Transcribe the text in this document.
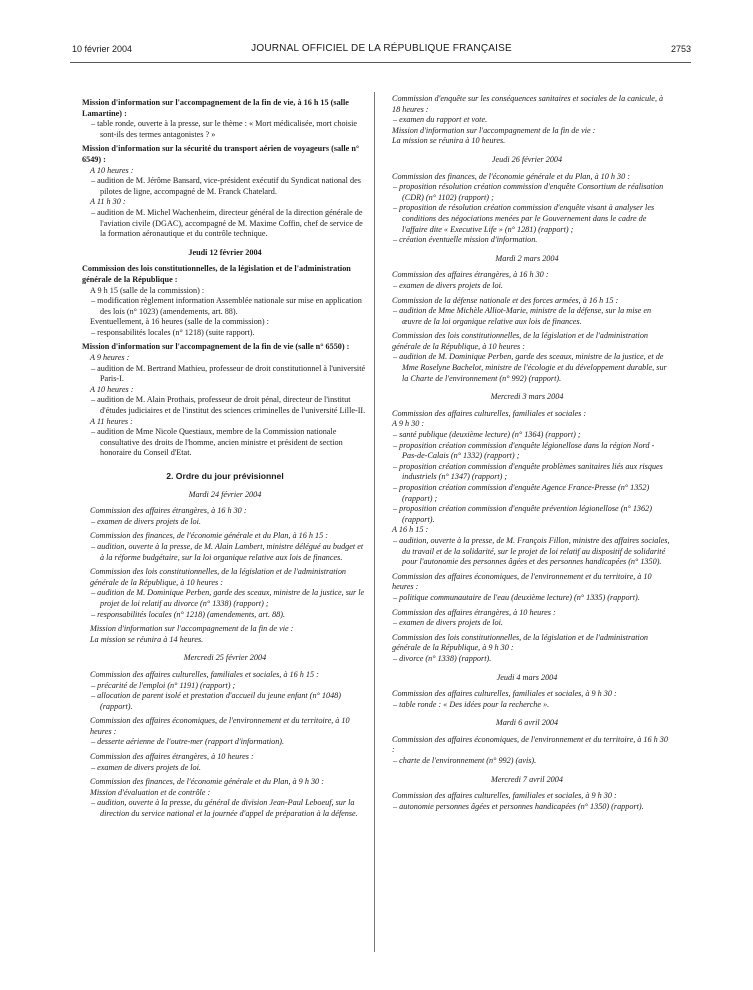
10 février 2004	JOURNAL OFFICIEL DE LA RÉPUBLIQUE FRANÇAISE	2753

Mission d'information sur l'accompagnement de la fin de vie, à 16 h 15 (salle Lamartine) :

– table ronde, ouverte à la presse, sur le thème : « Mort médicalisée, mort choisie sont-ils des termes antagonistes ? »

Mission d'information sur la sécurité du transport aérien de voyageurs (salle n° 6549) :

A 10 heures :

– audition de M. Jérôme Bansard, vice-président exécutif du Syndicat national des pilotes de ligne, accompagné de M. Franck Chatelard.

A 11 h 30 :

– audition de M. Michel Wachenheim, directeur général de la direction générale de l'aviation civile (DGAC), accompagné de M. Maxime Coffin, chef de service de la formation aéronautique et du contrôle technique.

Jeudi 12 février 2004

Commission des lois constitutionnelles, de la législation et de l'administration générale de la République :

A 9 h 15 (salle de la commission) :

– modification règlement information Assemblée nationale sur mise en application des lois (n° 1023) (amendements, art. 88).

Eventuellement, à 16 heures (salle de la commission) :

– responsabilités locales (n° 1218) (suite rapport).

Mission d'information sur l'accompagnement de la fin de vie (salle n° 6550) :

A 9 heures :

– audition de M. Bertrand Mathieu, professeur de droit constitutionnel à l'université Paris-I.

A 10 heures :

– audition de M. Alain Prothais, professeur de droit pénal, directeur de l'institut d'études judiciaires et de l'institut des sciences criminelles de l'université Lille-II.

A 11 heures :

– audition de Mme Nicole Questiaux, membre de la Commission nationale consultative des droits de l'homme, ancien ministre et président de section honoraire du Conseil d'Etat.

2. Ordre du jour prévisionnel

Mardi 24 février 2004

Commission des affaires étrangères, à 16 h 30 :

– examen de divers projets de loi.

Commission des finances, de l'économie générale et du Plan, à 16 h 15 :

– audition, ouverte à la presse, de M. Alain Lambert, ministre délégué au budget et à la réforme budgétaire, sur la loi organique relative aux lois de finances.

Commission des lois constitutionnelles, de la législation et de l'administration générale de la République, à 10 heures :

– audition de M. Dominique Perben, garde des sceaux, ministre de la justice, sur le projet de loi relatif au divorce (n° 1338) (rapport) ;

– responsabilités locales (n° 1218) (amendements, art. 88).

Mission d'information sur l'accompagnement de la fin de vie :

La mission se réunira à 14 heures.

Mercredi 25 février 2004

Commission des affaires culturelles, familiales et sociales, à 16 h 15 :

– précarité de l'emploi (n° 1191) (rapport) ;

– allocation de parent isolé et prestation d'accueil du jeune enfant (n° 1048) (rapport).

Commission des affaires économiques, de l'environnement et du territoire, à 10 heures :

– desserte aérienne de l'outre-mer (rapport d'information).

Commission des affaires étrangères, à 10 heures :

– examen de divers projets de loi.

Commission des finances, de l'économie générale et du Plan, à 9 h 30 :

Mission d'évaluation et de contrôle :

– audition, ouverte à la presse, du général de division Jean-Paul Leboeuf, sur la direction du service national et la journée d'appel de préparation à la défense.

Commission d'enquête sur les conséquences sanitaires et sociales de la canicule, à 18 heures :

– examen du rapport et vote.

Mission d'information sur l'accompagnement de la fin de vie :

La mission se réunira à 10 heures.

Jeudi 26 février 2004

Commission des finances, de l'économie générale et du Plan, à 10 h 30 :

– proposition résolution création commission d'enquête Consortium de réalisation (CDR) (n° 1102) (rapport) ;

– proposition de résolution création commission d'enquête visant à analyser les conditions des négociations menées par le Gouvernement dans le cadre de l'affaire dite « Executive Life » (n° 1281) (rapport) ;

– création éventuelle mission d'information.

Mardi 2 mars 2004

Commission des affaires étrangères, à 16 h 30 :

– examen de divers projets de loi.

Commission de la défense nationale et des forces armées, à 16 h 15 :

– audition de Mme Michèle Alliot-Marie, ministre de la défense, sur la mise en œuvre de la loi organique relative aux lois de finances.

Commission des lois constitutionnelles, de la législation et de l'administration générale de la République, à 10 heures :

– audition de M. Dominique Perben, garde des sceaux, ministre de la justice, et de Mme Roselyne Bachelot, ministre de l'écologie et du développement durable, sur la Charte de l'environnement (n° 992) (rapport).

Mercredi 3 mars 2004

Commission des affaires culturelles, familiales et sociales :

A 9 h 30 :

– santé publique (deuxième lecture) (n° 1364) (rapport) ;

– proposition création commission d'enquête légionellose dans la région Nord - Pas-de-Calais (n° 1332) (rapport) ;

– proposition création commission d'enquête problèmes sanitaires liés aux risques industriels (n° 1347) (rapport) ;

– proposition création commission d'enquête Agence France-Presse (n° 1352) (rapport) ;

– proposition création commission d'enquête prévention légionellose (n° 1362) (rapport).

A 16 h 15 :

– audition, ouverte à la presse, de M. François Fillon, ministre des affaires sociales, du travail et de la solidarité, sur le projet de loi relatif au dispositif de solidarité pour l'autonomie des personnes âgées et des personnes handicapées (n° 1350).

Commission des affaires économiques, de l'environnement et du territoire, à 10 heures :

– politique communautaire de l'eau (deuxième lecture) (n° 1335) (rapport).

Commission des affaires étrangères, à 10 heures :

– examen de divers projets de loi.

Commission des lois constitutionnelles, de la législation et de l'administration générale de la République, à 9 h 30 :

– divorce (n° 1338) (rapport).

Jeudi 4 mars 2004

Commission des affaires culturelles, familiales et sociales, à 9 h 30 :

– table ronde : « Des idées pour la recherche ».

Mardi 6 avril 2004

Commission des affaires économiques, de l'environnement et du territoire, à 16 h 30 :

– charte de l'environnement (n° 992) (avis).

Mercredi 7 avril 2004

Commission des affaires culturelles, familiales et sociales, à 9 h 30 :

– autonomie personnes âgées et personnes handicapées (n° 1350) (rapport).
